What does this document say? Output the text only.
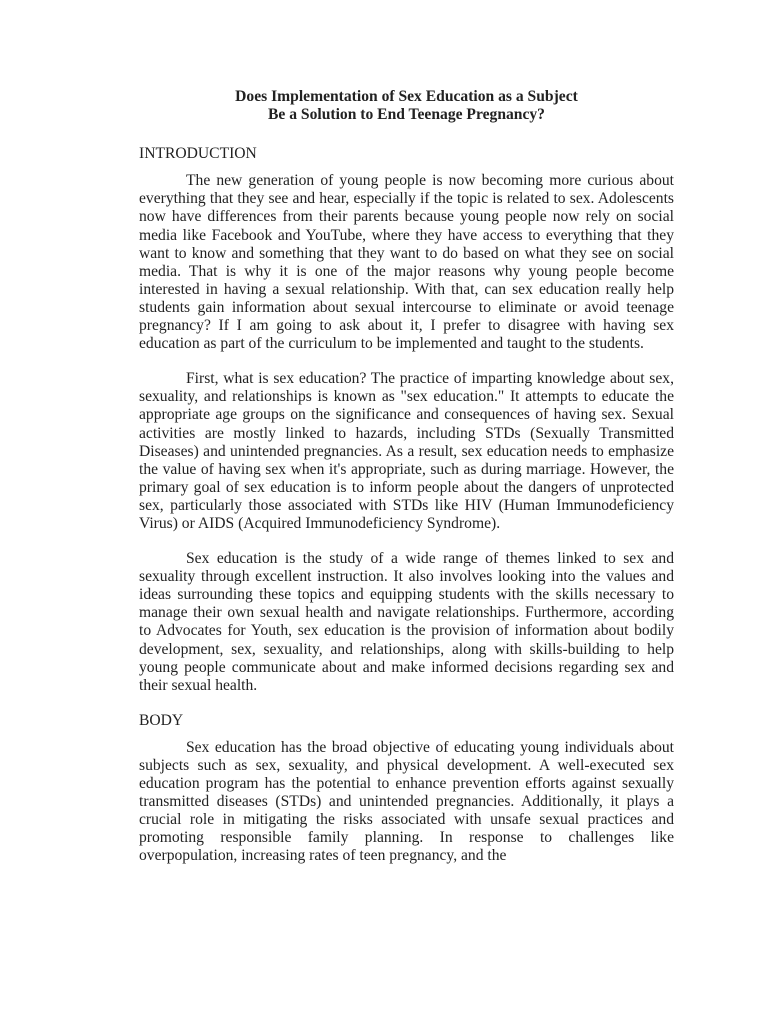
Does Implementation of Sex Education as a Subject
Be a Solution to End Teenage Pregnancy?
INTRODUCTION

The new generation of young people is now becoming more curious about everything that they see and hear, especially if the topic is related to sex. Adolescents now have differences from their parents because young people now rely on social media like Facebook and YouTube, where they have access to everything that they want to know and something that they want to do based on what they see on social media. That is why it is one of the major reasons why young people become interested in having a sexual relationship. With that, can sex education really help students gain information about sexual intercourse to eliminate or avoid teenage pregnancy? If I am going to ask about it, I prefer to disagree with having sex education as part of the curriculum to be implemented and taught to the students.

First, what is sex education? The practice of imparting knowledge about sex, sexuality, and relationships is known as "sex education." It attempts to educate the appropriate age groups on the significance and consequences of having sex. Sexual activities are mostly linked to hazards, including STDs (Sexually Transmitted Diseases) and unintended pregnancies. As a result, sex education needs to emphasize the value of having sex when it's appropriate, such as during marriage. However, the primary goal of sex education is to inform people about the dangers of unprotected sex, particularly those associated with STDs like HIV (Human Immunodeficiency Virus) or AIDS (Acquired Immunodeficiency Syndrome).

Sex education is the study of a wide range of themes linked to sex and sexuality through excellent instruction. It also involves looking into the values and ideas surrounding these topics and equipping students with the skills necessary to manage their own sexual health and navigate relationships. Furthermore, according to Advocates for Youth, sex education is the provision of information about bodily development, sex, sexuality, and relationships, along with skills-building to help young people communicate about and make informed decisions regarding sex and their sexual health.

BODY

Sex education has the broad objective of educating young individuals about subjects such as sex, sexuality, and physical development. A well-executed sex education program has the potential to enhance prevention efforts against sexually transmitted diseases (STDs) and unintended pregnancies. Additionally, it plays a crucial role in mitigating the risks associated with unsafe sexual practices and promoting responsible family planning. In response to challenges like overpopulation, increasing rates of teen pregnancy, and the
